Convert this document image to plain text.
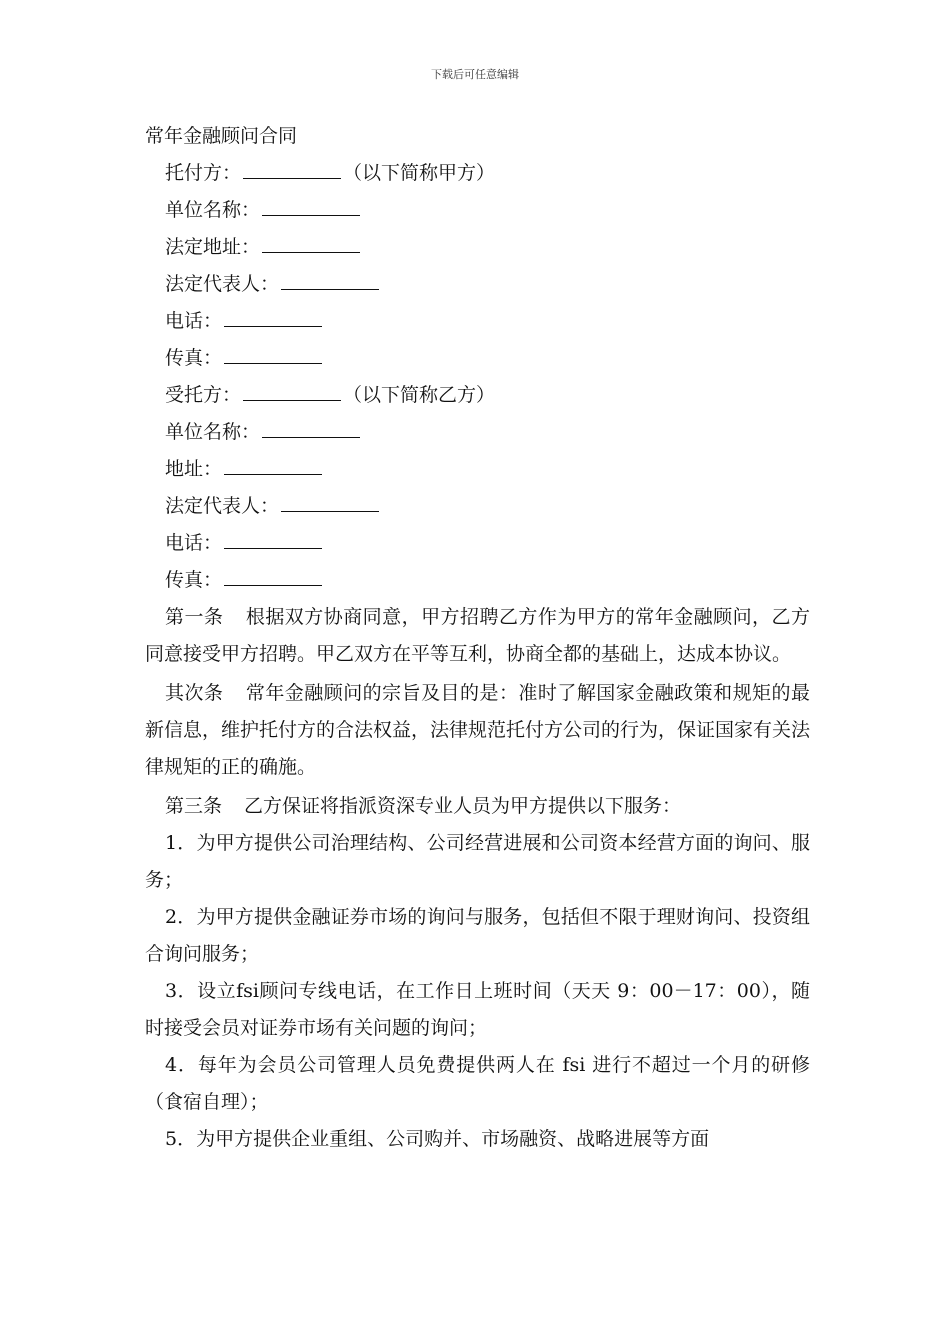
下载后可任意编辑

常年金融顾问合同

托付方：	（以下简称甲方）

单位名称：

法定地址：

法定代表人：

电话：

传真：

受托方：	（以下简称乙方）

单位名称：

地址：

法定代表人：

电话：

传真：

第一条 根据双方协商同意，甲方招聘乙方作为甲方的常年金融顾问，乙方同意接受甲方招聘。甲乙双方在平等互利，协商全都的基础上，达成本协议。

其次条 常年金融顾问的宗旨及目的是：准时了解国家金融政策和规矩的最新信息，维护托付方的合法权益，法律规范托付方公司的行为，保证国家有关法律规矩的正的确施。

第三条 乙方保证将指派资深专业人员为甲方提供以下服务：

1．为甲方提供公司治理结构、公司经营进展和公司资本经营方面的询问、服务；

2．为甲方提供金融证券市场的询问与服务，包括但不限于理财询问、投资组合询问服务；

3．设立fsi顾问专线电话，在工作日上班时间（天天 9：00－17：00），随时接受会员对证券市场有关问题的询问；

4．每年为会员公司管理人员免费提供两人在 fsi 进行不超过一个月的研修（食宿自理）；

5．为甲方提供企业重组、公司购并、市场融资、战略进展等方面
